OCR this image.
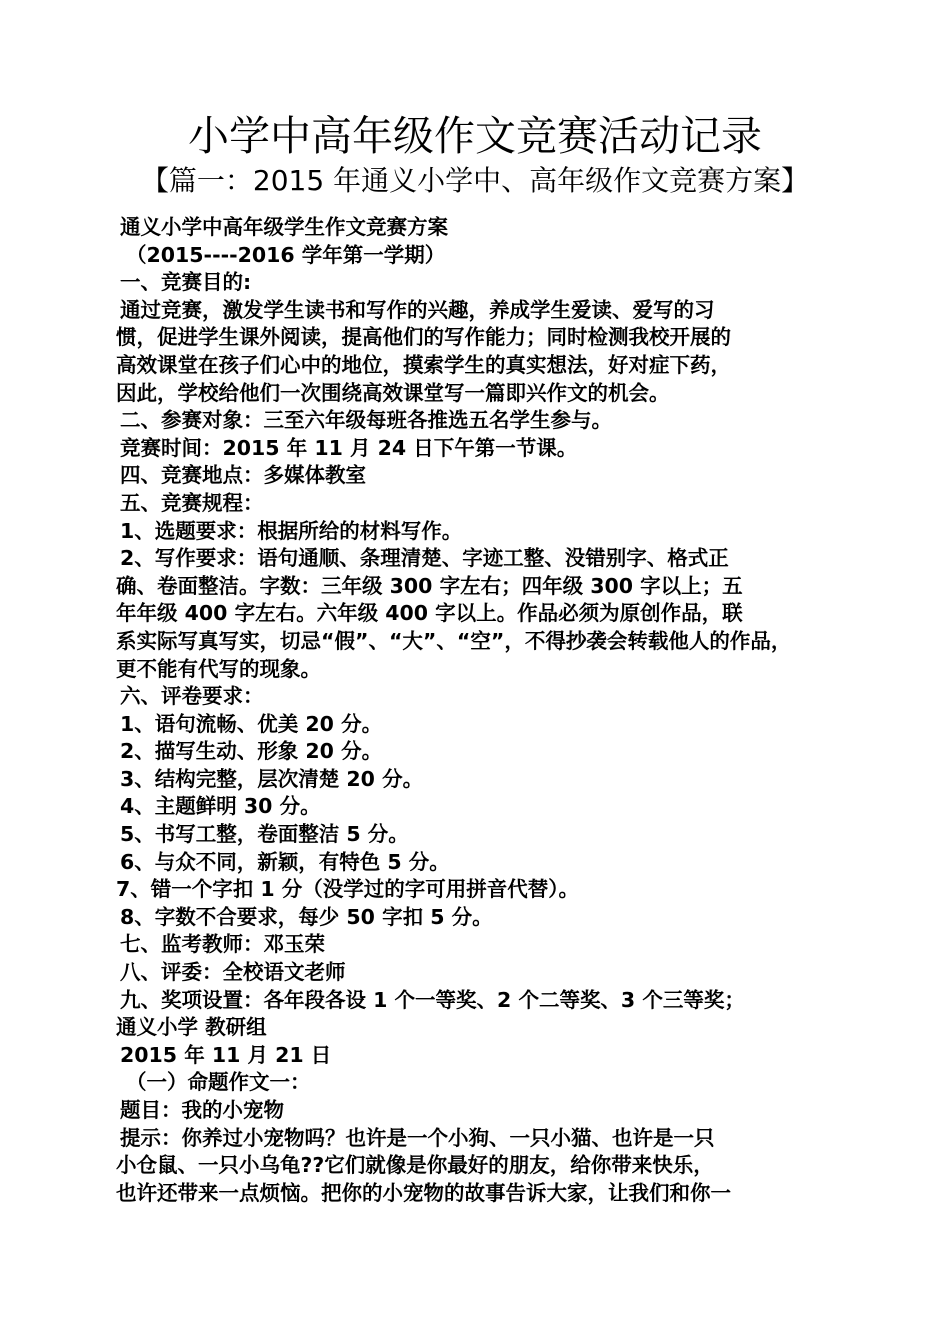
小学中高年级作文竞赛活动记录
【篇一：2015 年通义小学中、高年级作文竞赛方案】
通义小学中高年级学生作文竞赛方案
（2015----2016 学年第一学期）
一、竞赛目的:
通过竞赛，激发学生读书和写作的兴趣，养成学生爱读、爱写的习
惯，促进学生课外阅读，提高他们的写作能力；同时检测我校开展的
高效课堂在孩子们心中的地位，摸索学生的真实想法，好对症下药，
因此，学校给他们一次围绕高效课堂写一篇即兴作文的机会。
二、参赛对象：三至六年级每班各推选五名学生参与。
竞赛时间：2015 年 11 月 24 日下午第一节课。
四、竞赛地点：多媒体教室
五、竞赛规程：
1、选题要求：根据所给的材料写作。
2、写作要求：语句通顺、条理清楚、字迹工整、没错别字、格式正
确、卷面整洁。字数：三年级 300 字左右；四年级 300 字以上；五
年年级 400 字左右。六年级 400 字以上。作品必须为原创作品，联
系实际写真写实，切忌“假”、“大”、“空”，不得抄袭会转载他人的作品，
更不能有代写的现象。
六、评卷要求：
1、语句流畅、优美 20 分。
2、描写生动、形象 20 分。
3、结构完整，层次清楚 20 分。
4、主题鲜明 30 分。
5、书写工整，卷面整洁 5 分。
6、与众不同，新颖，有特色 5 分。
7、错一个字扣 1 分（没学过的字可用拼音代替）。
8、字数不合要求，每少 50 字扣 5 分。
七、监考教师：邓玉荣
八、评委：全校语文老师
九、奖项设置：各年段各设 1 个一等奖、2 个二等奖、3 个三等奖；
通义小学 教研组
2015 年 11 月 21 日
（一）命题作文一：
题目：我的小宠物
提示：你养过小宠物吗？也许是一个小狗、一只小猫、也许是一只
小仓鼠、一只小乌龟??它们就像是你最好的朋友，给你带来快乐，
也许还带来一点烦恼。把你的小宠物的故事告诉大家，让我们和你一
